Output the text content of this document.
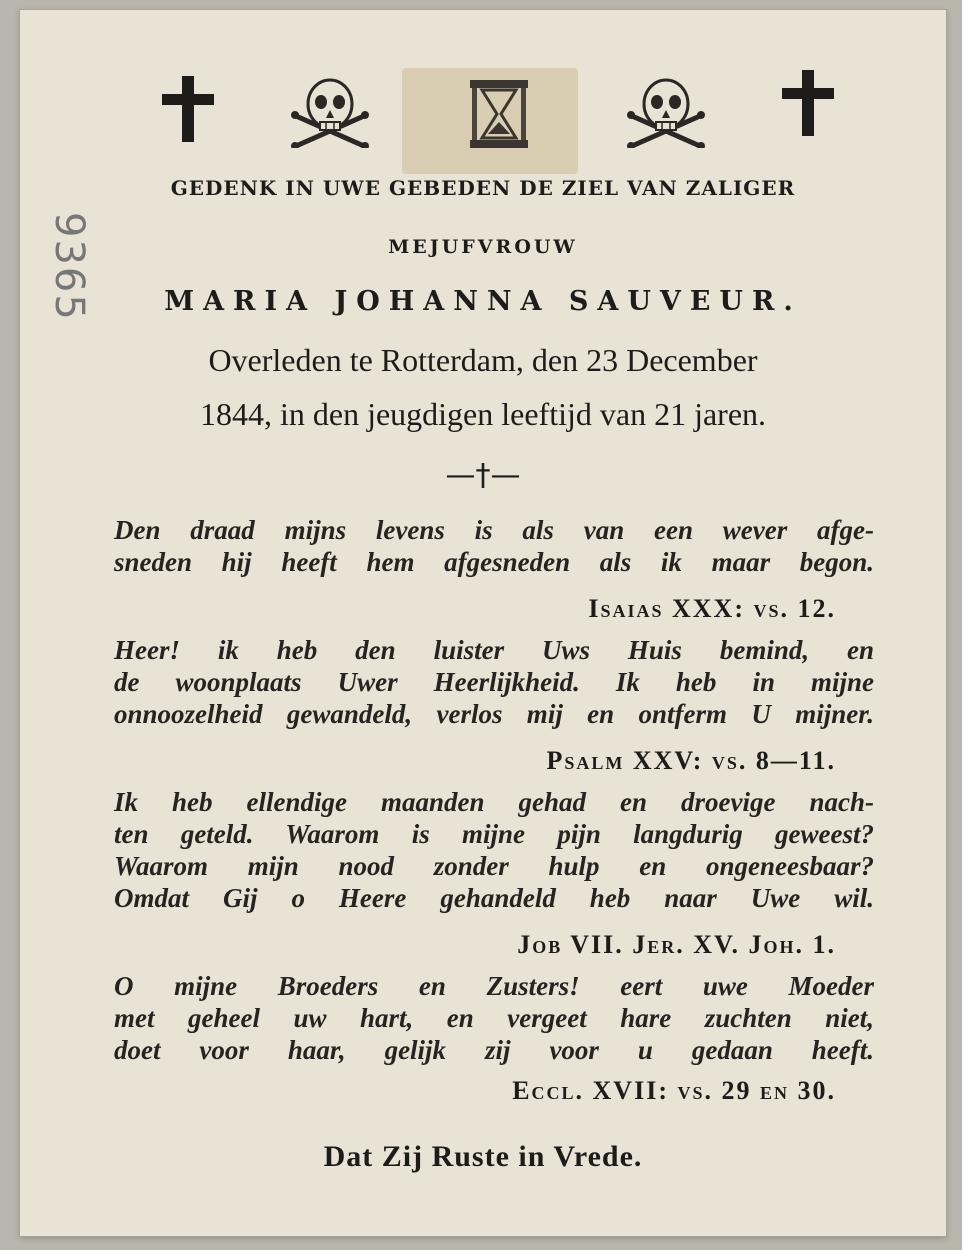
9365
GEDENK IN UWE GEBEDEN DE ZIEL VAN ZALIGER
MEJUFVROUW
MARIA JOHANNA SAUVEUR.
Overleden te Rotterdam, den 23 December
1844, in den jeugdigen leeftijd van 21 jaren.
—†—
Den draad mijns levens is als van een wever afge-
sneden hij heeft hem afgesneden als ik maar begon.
Isaias XXX: vs. 12.
Heer! ik heb den luister Uws Huis bemind, en
de woonplaats Uwer Heerlijkheid. Ik heb in mijne
onnoozelheid gewandeld, verlos mij en ontferm U mijner.
Psalm XXV: vs. 8—11.
Ik heb ellendige maanden gehad en droevige nach-
ten geteld. Waarom is mijne pijn langdurig geweest?
Waarom mijn nood zonder hulp en ongeneesbaar?
Omdat Gij o Heere gehandeld heb naar Uwe wil.
Job VII. Jer. XV. Joh. 1.
O mijne Broeders en Zusters! eert uwe Moeder
met geheel uw hart, en vergeet hare zuchten niet,
doet voor haar, gelijk zij voor u gedaan heeft.
Eccl. XVII: vs. 29 en 30.
Dat Zij Ruste in Vrede.
